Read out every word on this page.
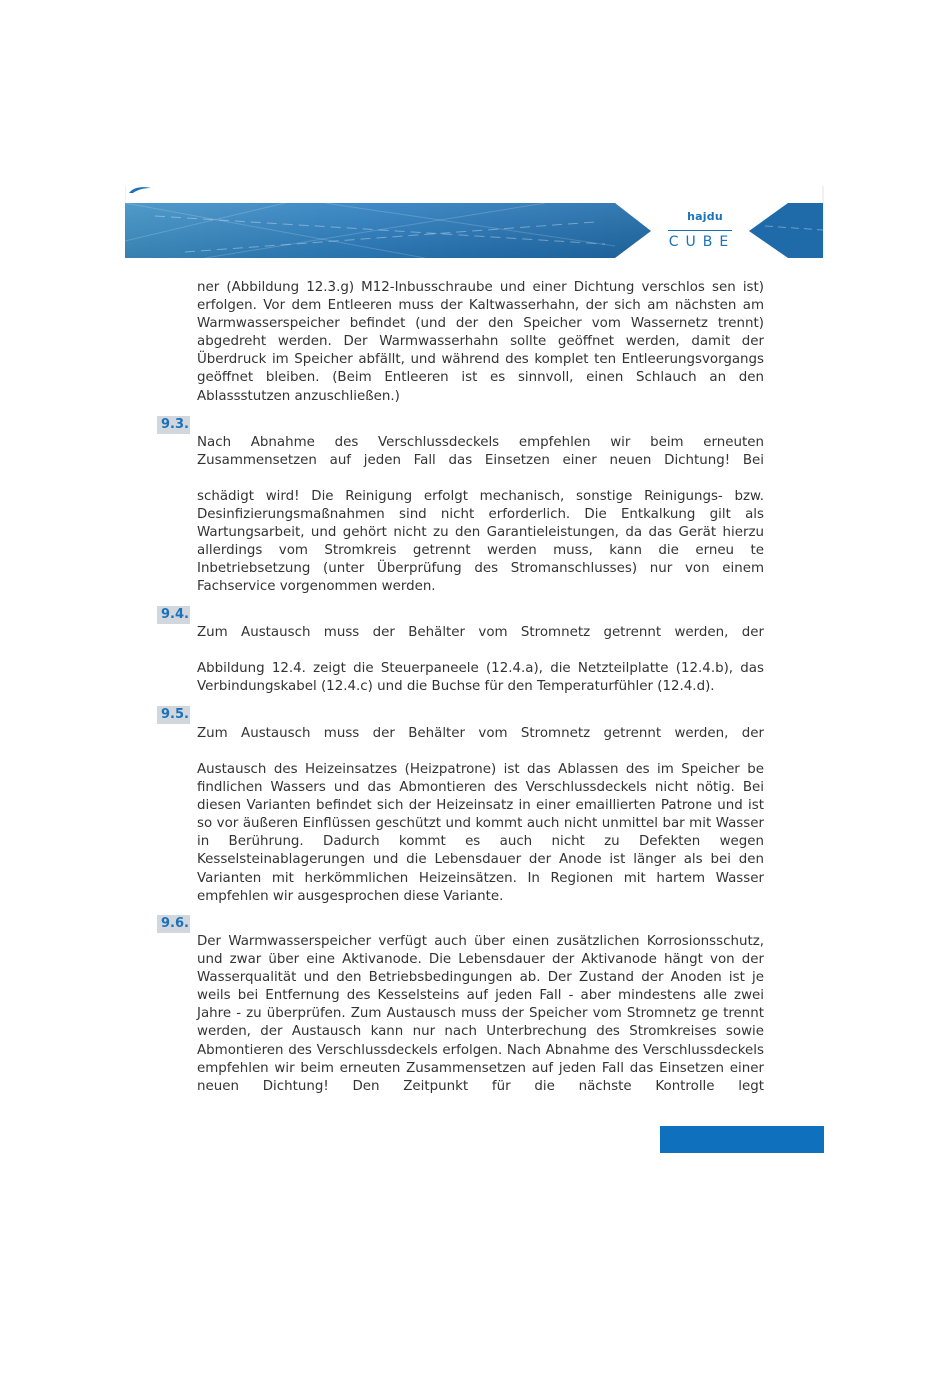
hajdu
CUBE

ner (Abbildung 12.3.g) M12-Inbusschraube und einer Dichtung verschlos sen ist) erfolgen. Vor dem Entleeren muss der Kaltwasserhahn, der sich am nächsten am Warmwasserspeicher befindet (und der den Speicher vom Wassernetz trennt) abgedreht werden. Der Warmwasserhahn sollte geöffnet werden, damit der Überdruck im Speicher abfällt, und während des komplet ten Entleerungsvorgangs geöffnet bleiben. (Beim Entleeren ist es sinnvoll, einen Schlauch an den Ablassstutzen anzuschließen.)

9.3.

Nach Abnahme des Verschlussdeckels empfehlen wir beim erneuten Zusammensetzen auf jeden Fall das Einsetzen einer neuen Dichtung! Bei

schädigt wird! Die Reinigung erfolgt mechanisch, sonstige Reinigungs- bzw. Desinfizierungsmaßnahmen sind nicht erforderlich. Die Entkalkung gilt als Wartungsarbeit, und gehört nicht zu den Garantieleistungen, da das Gerät hierzu allerdings vom Stromkreis getrennt werden muss, kann die erneu te Inbetriebsetzung (unter Überprüfung des Stromanschlusses) nur von einem Fachservice vorgenommen werden.

9.4.

Zum Austausch muss der Behälter vom Stromnetz getrennt werden, der

Abbildung 12.4. zeigt die Steuerpaneele (12.4.a), die Netzteilplatte (12.4.b), das Verbindungskabel (12.4.c) und die Buchse für den Temperaturfühler (12.4.d).

9.5.

Zum Austausch muss der Behälter vom Stromnetz getrennt werden, der

Austausch des Heizeinsatzes (Heizpatrone) ist das Ablassen des im Speicher be findlichen Wassers und das Abmontieren des Verschlussdeckels nicht nötig. Bei diesen Varianten befindet sich der Heizeinsatz in einer emaillierten Patrone und ist so vor äußeren Einflüssen geschützt und kommt auch nicht unmittel bar mit Wasser in Berührung. Dadurch kommt es auch nicht zu Defekten wegen Kesselsteinablagerungen und die Lebensdauer der Anode ist länger als bei den Varianten mit herkömmlichen Heizeinsätzen. In Regionen mit hartem Wasser empfehlen wir ausgesprochen diese Variante.

9.6.

Der Warmwasserspeicher verfügt auch über einen zusätzlichen Korrosionsschutz, und zwar über eine Aktivanode. Die Lebensdauer der Aktivanode hängt von der Wasserqualität und den Betriebsbedingungen ab. Der Zustand der Anoden ist je weils bei Entfernung des Kesselsteins auf jeden Fall - aber mindestens alle zwei Jahre - zu überprüfen. Zum Austausch muss der Speicher vom Stromnetz ge trennt werden, der Austausch kann nur nach Unterbrechung des Stromkreises sowie Abmontieren des Verschlussdeckels erfolgen. Nach Abnahme des Verschlussdeckels empfehlen wir beim erneuten Zusammensetzen auf jeden Fall das Einsetzen einer neuen Dichtung! Den Zeitpunkt für die nächste Kontrolle legt
